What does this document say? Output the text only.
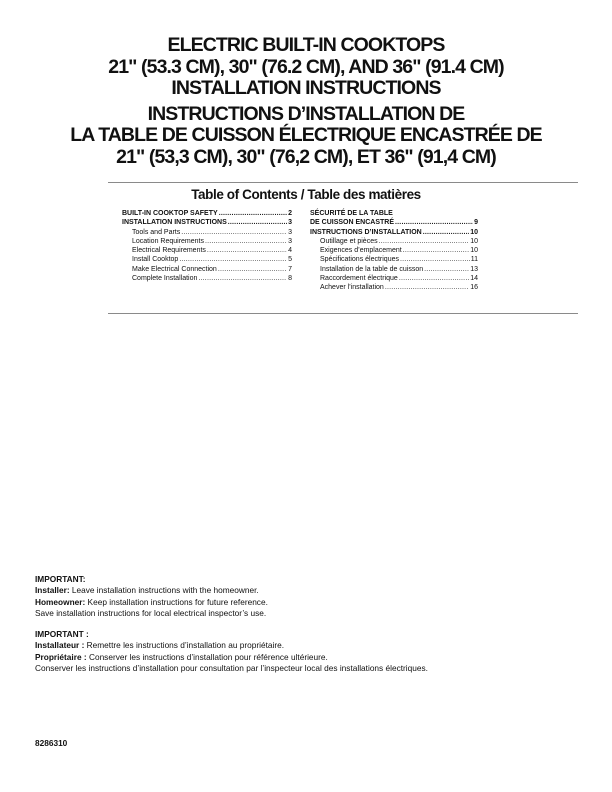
ELECTRIC BUILT-IN COOKTOPS

21" (53.3 CM), 30" (76.2 CM), AND 36" (91.4 CM)

INSTALLATION INSTRUCTIONS

INSTRUCTIONS D’INSTALLATION DE

LA TABLE DE CUISSON ÉLECTRIQUE ENCASTRÉE DE

21" (53,3 CM), 30" (76,2 CM), ET 36" (91,4 CM)

Table of Contents / Table des matières
BUILT-IN COOKTOP SAFETY .....	2
INSTALLATION INSTRUCTIONS .....	3
Tools and Parts .....	3
Location Requirements .....	3
Electrical Requirements .....	4
Install Cooktop .....	5
Make Electrical Connection .....	7
Complete Installation .....	8
SÉCURITÉ DE LA TABLE
DE CUISSON ENCASTRÉ .....	9
INSTRUCTIONS D’INSTALLATION .....	10
Outillage et pièces .....	10
Exigences d’emplacement .....	10
Spécifications électriques .....	11
Installation de la table de cuisson .....	13
Raccordement électrique .....	14
Achever l’installation .....	16

IMPORTANT:

Installer: Leave installation instructions with the homeowner.

Homeowner: Keep installation instructions for future reference.

Save installation instructions for local electrical inspector’s use.

IMPORTANT :

Installateur : Remettre les instructions d’installation au propriétaire.

Propriétaire : Conserver les instructions d’installation pour référence ultérieure.

Conserver les instructions d’installation pour consultation par l’inspecteur local des installations électriques.

8286310
